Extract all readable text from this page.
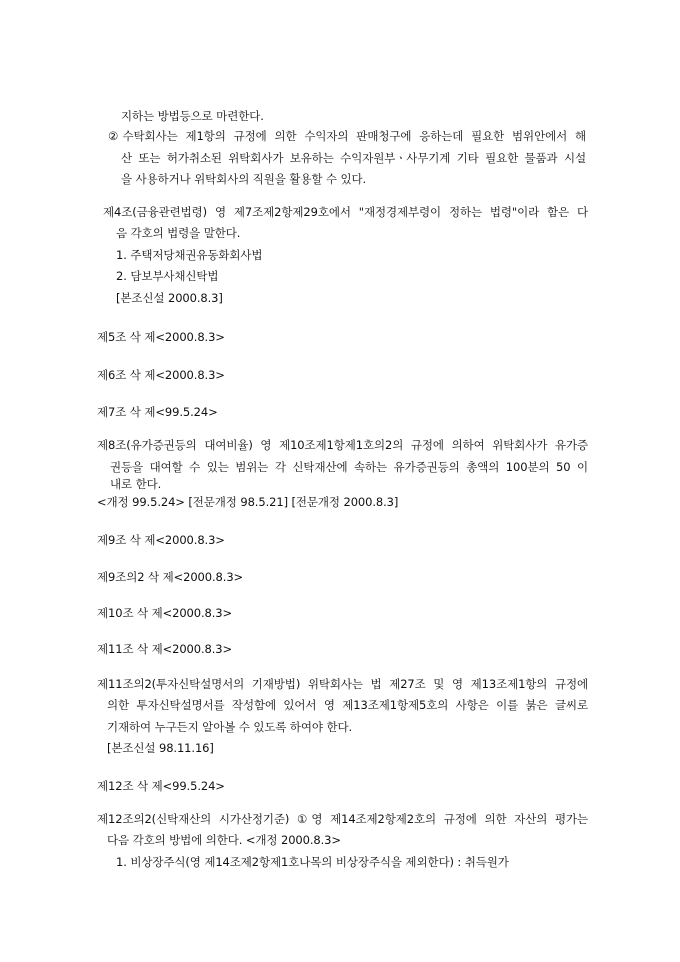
지하는 방법등으로 마련한다.
②수탁회사는 제1항의 규정에 의한 수익자의 판매청구에 응하는데 필요한 범위안에서 해
산 또는 허가취소된 위탁회사가 보유하는 수익자원부ㆍ사무기계 기타 필요한 물품과 시설
을 사용하거나 위탁회사의 직원을 활용할 수 있다.
제4조(금융관련법령) 영 제7조제2항제29호에서 "재정경제부령이 정하는 법령"이라 함은 다
음 각호의 법령을 말한다.
1. 주택저당채권유동화회사법
2. 담보부사채신탁법
[본조신설 2000.8.3]
제5조 삭 제<2000.8.3>
제6조 삭 제<2000.8.3>
제7조 삭 제<99.5.24>
제8조(유가증권등의 대여비율) 영 제10조제1항제1호의2의 규정에 의하여 위탁회사가 유가증
권등을 대여할 수 있는 범위는 각 신탁재산에 속하는 유가증권등의 총액의 100분의 50 이
내로 한다.
<개정 99.5.24> [전문개정 98.5.21] [전문개정 2000.8.3]
제9조 삭 제<2000.8.3>
제9조의2 삭 제<2000.8.3>
제10조 삭 제<2000.8.3>
제11조 삭 제<2000.8.3>
제11조의2(투자신탁설명서의 기재방법) 위탁회사는 법 제27조 및 영 제13조제1항의 규정에
의한 투자신탁설명서를 작성함에 있어서 영 제13조제1항제5호의 사항은 이를 붉은 글씨로
기재하여 누구든지 알아볼 수 있도록 하여야 한다.
[본조신설 98.11.16]
제12조 삭 제<99.5.24>
제12조의2(신탁재산의 시가산정기준) ①영 제14조제2항제2호의 규정에 의한 자산의 평가는
다음 각호의 방법에 의한다. <개정 2000.8.3>
1. 비상장주식(영 제14조제2항제1호나목의 비상장주식을 제외한다) : 취득원가
